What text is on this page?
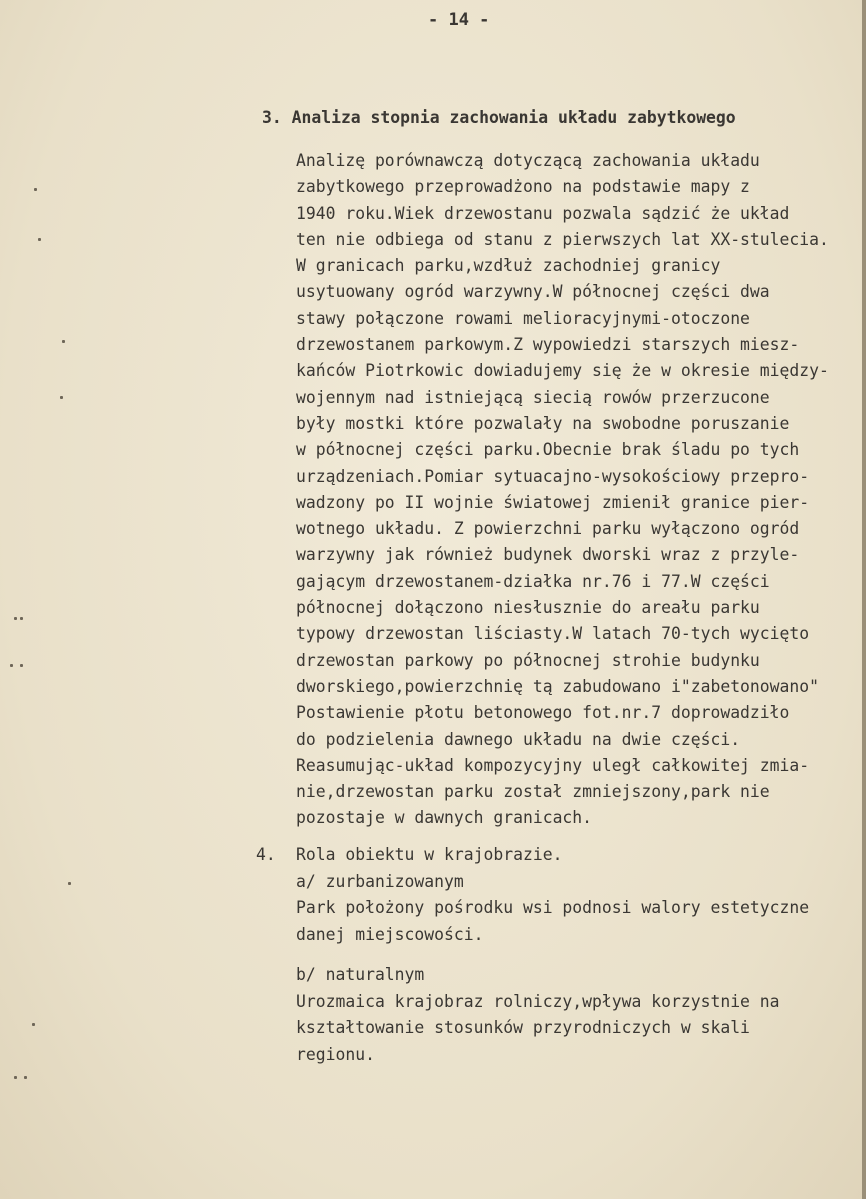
- 14 -
3. Analiza stopnia zachowania układu zabytkowego
Analizę porównawczą dotyczącą zachowania układu
zabytkowego przeprowadżono na podstawie mapy z
1940 roku.Wiek drzewostanu pozwala sądzić że układ
ten nie odbiega od stanu z pierwszych lat XX-stulecia.
W granicach parku,wzdłuż zachodniej granicy
usytuowany ogród warzywny.W północnej części dwa
stawy połączone rowami melioracyjnymi-otoczone
drzewostanem parkowym.Z wypowiedzi starszych miesz-
kańców Piotrkowic dowiadujemy się że w okresie między-
wojennym nad istniejącą siecią rowów przerzucone
były mostki które pozwalały na swobodne poruszanie
w północnej części parku.Obecnie brak śladu po tych
urządzeniach.Pomiar sytuacajno-wysokościowy przepro-
wadzony po II wojnie światowej zmienił granice pier-
wotnego układu. Z powierzchni parku wyłączono ogród
warzywny jak również budynek dworski wraz z przyle-
gającym drzewostanem-działka nr.76 i 77.W części
północnej dołączono niesłusznie do areału parku
typowy drzewostan liściasty.W latach 70-tych wycięto
drzewostan parkowy po północnej strohie budynku
dworskiego,powierzchnię tą zabudowano i"zabetonowano"
Postawienie płotu betonowego fot.nr.7 doprowadziło
do podzielenia dawnego układu na dwie części.
Reasumując-układ kompozycyjny uległ całkowitej zmia-
nie,drzewostan parku został zmniejszony,park nie
pozostaje w dawnych granicach.
4. Rola obiektu w krajobrazie.
a/ zurbanizowanym
Park położony pośrodku wsi podnosi walory estetyczne
danej miejscowości.
b/ naturalnym
Urozmaica krajobraz rolniczy,wpływa korzystnie na
kształtowanie stosunków przyrodniczych w skali
regionu.
